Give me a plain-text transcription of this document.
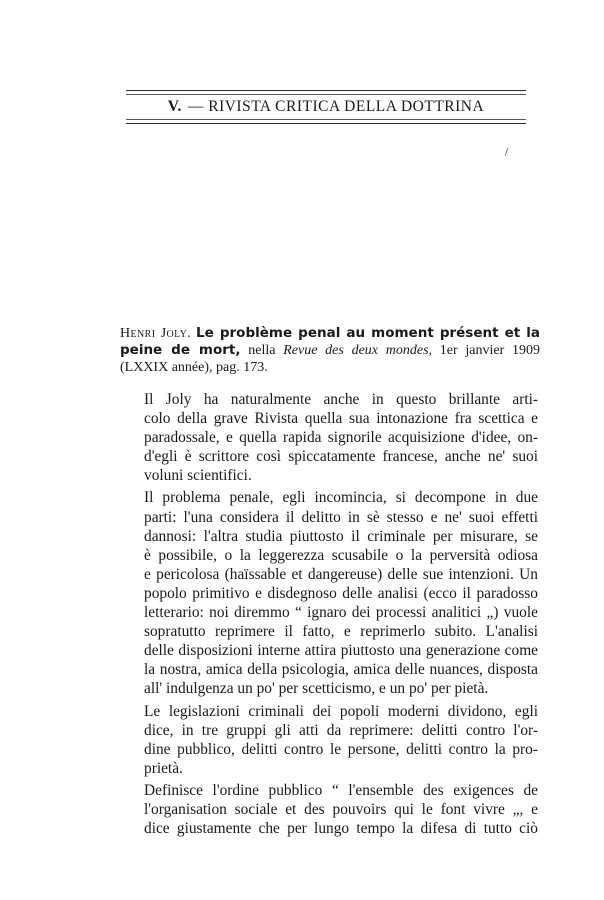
V. — RIVISTA CRITICA DELLA DOTTRINA
Henri Joly. Le problème penal au moment présent et la peine de mort, nella Revue des deux mondes, 1er janvier 1909 (LXXIX année), pag. 173.

Il Joly ha naturalmente anche in questo brillante arti-
colo della grave Rivista quella sua intonazione fra scettica e
paradossale, e quella rapida signorile acquisizione d'idee, on-
d'egli è scrittore così spiccatamente francese, anche ne' suoi
voluni scientifici.

Il problema penale, egli incomincia, si decompone in due
parti: l'una considera il delitto in sè stesso e ne' suoi effetti
dannosi: l'altra studia piuttosto il criminale per misurare, se
è possibile, o la leggerezza scusabile o la perversità odiosa
e pericolosa (haïssable et dangereuse) delle sue intenzioni. Un
popolo primitivo e disdegnoso delle analisi (ecco il paradosso
letterario: noi diremmo “ ignaro dei processi analitici „) vuole
sopratutto reprimere il fatto, e reprimerlo subito. L'analisi
delle disposizioni interne attira piuttosto una generazione come
la nostra, amica della psicologia, amica delle nuances, disposta
all' indulgenza un po' per scetticismo, e un po' per pietà.

Le legislazioni criminali dei popoli moderni dividono, egli
dice, in tre gruppi gli atti da reprimere: delitti contro l'or-
dine pubblico, delitti contro le persone, delitti contro la pro-
prietà.

Definisce l'ordine pubblico “ l'ensemble des exigences de
l'organisation sociale et des pouvoirs qui le font vivre „, e
dice giustamente che per lungo tempo la difesa di tutto ciò
